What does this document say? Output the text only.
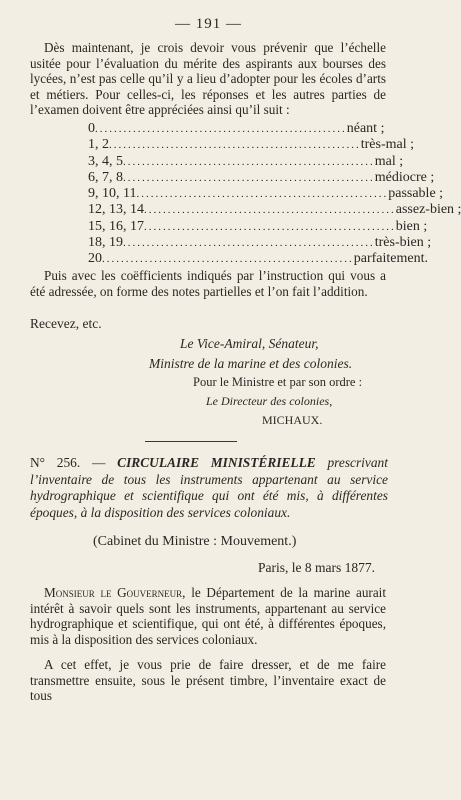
— 191 —
Dès maintenant, je crois devoir vous prévenir que l’échelle usitée pour l’évaluation du mérite des aspirants aux bourses des lycées, n’est pas celle qu’il y a lieu d’adopter pour les écoles d’arts et métiers. Pour celles-ci, les réponses et les autres parties de l’examen doivent être appréciées ainsi qu’il suit :
0 ..................................................... néant ;
1, 2 ..................................................... très-mal ;
3, 4, 5 ..................................................... mal ;
6, 7, 8 ..................................................... médiocre ;
9, 10, 11 ..................................................... passable ;
12, 13, 14 ..................................................... assez-bien ;
15, 16, 17 ..................................................... bien ;
18, 19 ..................................................... très-bien ;
20 ..................................................... parfaitement.
Puis avec les coëfficients indiqués par l’instruction qui vous a été adressée, on forme des notes partielles et l’on fait l’addition.
Recevez, etc.
Le Vice-Amiral, Sénateur,
Ministre de la marine et des colonies.
Pour le Ministre et par son ordre :
Le Directeur des colonies,
MICHAUX.
N° 256. — CIRCULAIRE MINISTÉRIELLE prescrivant l’inventaire de tous les instruments appartenant au service hydrographique et scientifique qui ont été mis, à différentes époques, à la disposition des services coloniaux.
(Cabinet du Ministre : Mouvement.)
Paris, le 8 mars 1877.
Monsieur le Gouverneur, le Département de la marine aurait intérêt à savoir quels sont les instruments, appartenant au service hydrographique et scientifique, qui ont été, à différentes époques, mis à la disposition des services coloniaux.
A cet effet, je vous prie de faire dresser, et de me faire transmettre ensuite, sous le présent timbre, l’inventaire exact de tous
